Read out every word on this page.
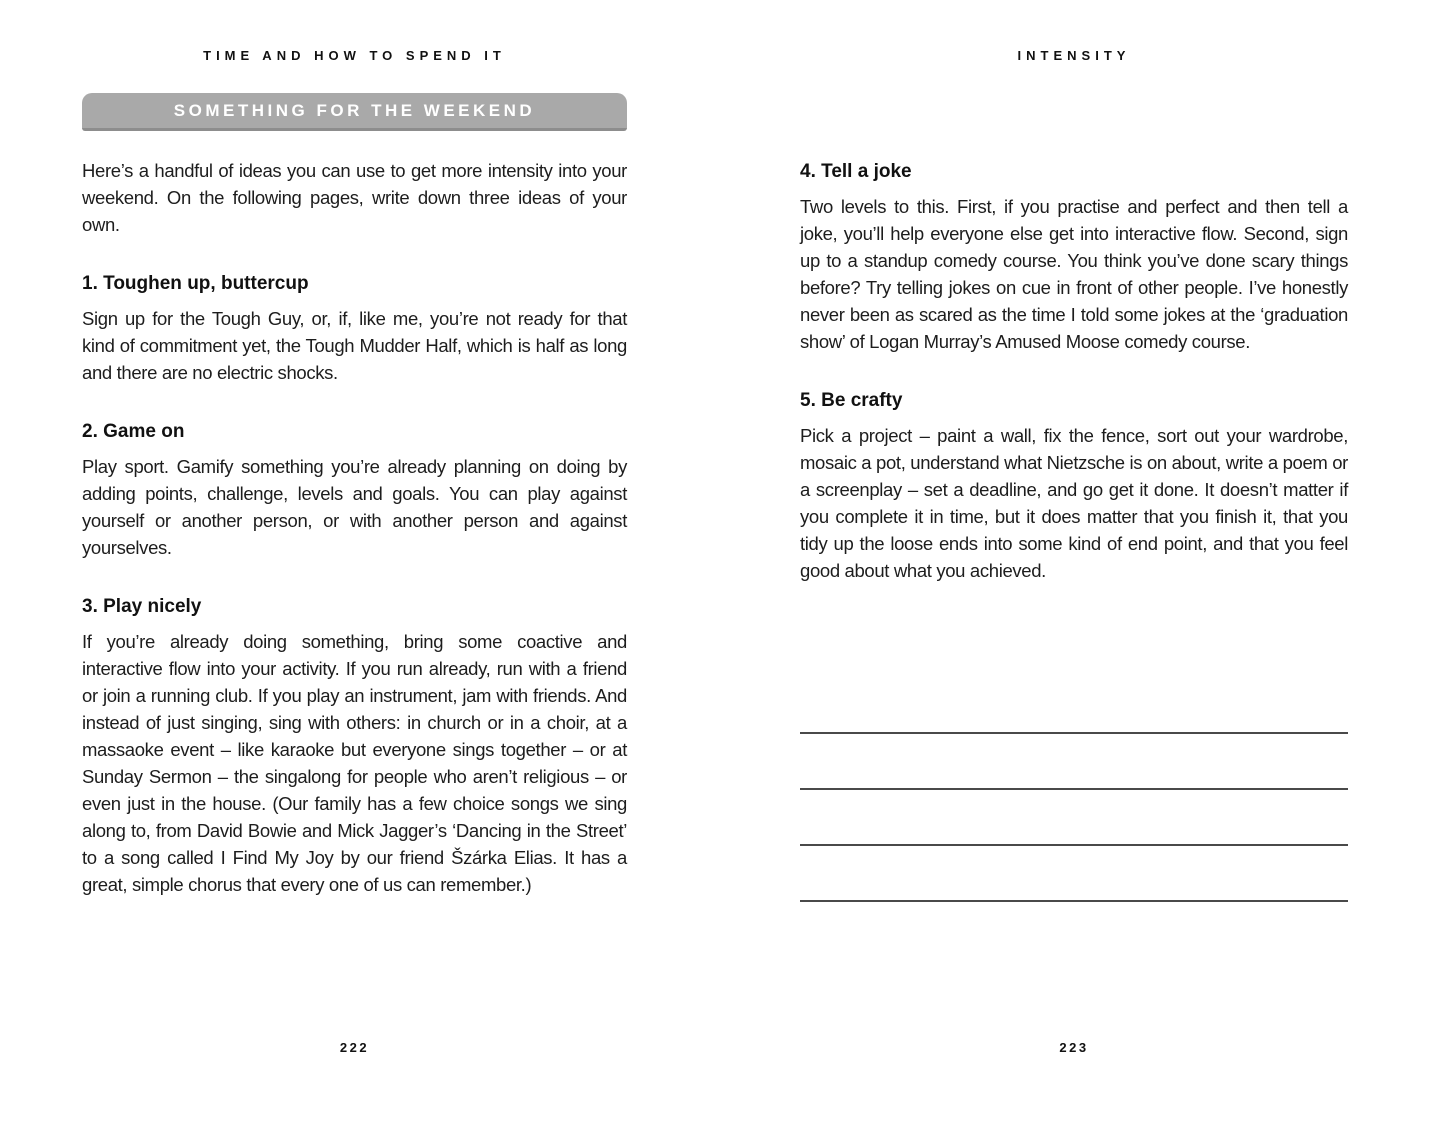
TIME AND HOW TO SPEND IT
SOMETHING FOR THE WEEKEND

Here’s a handful of ideas you can use to get more intensity into your weekend. On the following pages, write down three ideas of your own.

1. Toughen up, buttercup

Sign up for the Tough Guy, or, if, like me, you’re not ready for that kind of commitment yet, the Tough Mudder Half, which is half as long and there are no electric shocks.

2. Game on

Play sport. Gamify something you’re already planning on doing by adding points, challenge, levels and goals. You can play against yourself or another person, or with another person and against yourselves.

3. Play nicely

If you’re already doing something, bring some coactive and interactive flow into your activity. If you run already, run with a friend or join a running club. If you play an instrument, jam with friends. And instead of just singing, sing with others: in church or in a choir, at a massaoke event – like karaoke but everyone sings together – or at Sunday Sermon – the singalong for people who aren’t religious – or even just in the house. (Our family has a few choice songs we sing along to, from David Bowie and Mick Jagger’s ‘Dancing in the Street’ to a song called I Find My Joy by our friend Šzárka Elias. It has a great, simple chorus that every one of us can remember.)

222
INTENSITY
4. Tell a joke

Two levels to this. First, if you practise and perfect and then tell a joke, you’ll help everyone else get into interactive flow. Second, sign up to a standup comedy course. You think you’ve done scary things before? Try telling jokes on cue in front of other people. I’ve honestly never been as scared as the time I told some jokes at the ‘graduation show’ of Logan Murray’s Amused Moose comedy course.

5. Be crafty

Pick a project – paint a wall, fix the fence, sort out your wardrobe, mosaic a pot, understand what Nietzsche is on about, write a poem or a screenplay – set a deadline, and go get it done. It doesn’t matter if you complete it in time, but it does matter that you finish it, that you tidy up the loose ends into some kind of end point, and that you feel good about what you achieved.

223
